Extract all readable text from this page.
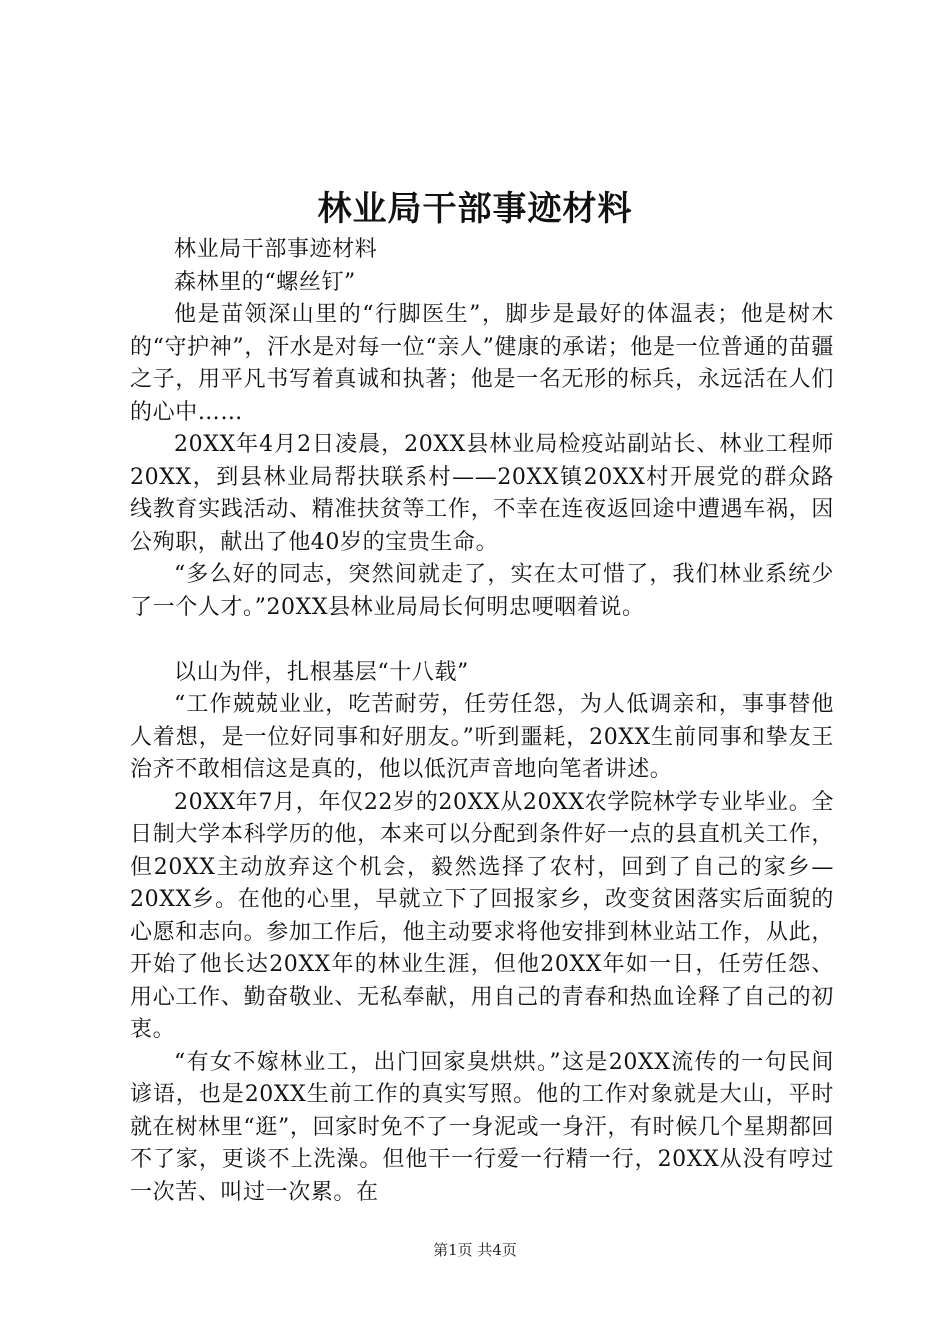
林业局干部事迹材料

林业局干部事迹材料

森林里的“螺丝钉”

他是苗领深山里的“行脚医生”，脚步是最好的体温表；他是树木的“守护神”，汗水是对每一位“亲人”健康的承诺；他是一位普通的苗疆之子，用平凡书写着真诚和执著；他是一名无形的标兵，永远活在人们的心中……

20XX年4月2日凌晨，20XX县林业局检疫站副站长、林业工程师20XX，到县林业局帮扶联系村——20XX镇20XX村开展党的群众路线教育实践活动、精准扶贫等工作，不幸在连夜返回途中遭遇车祸，因公殉职，献出了他40岁的宝贵生命。

“多么好的同志，突然间就走了，实在太可惜了，我们林业系统少了一个人才。”20XX县林业局局长何明忠哽咽着说。

以山为伴，扎根基层“十八载”

“工作兢兢业业，吃苦耐劳，任劳任怨，为人低调亲和，事事替他人着想，是一位好同事和好朋友。”听到噩耗，20XX生前同事和挚友王治齐不敢相信这是真的，他以低沉声音地向笔者讲述。

20XX年7月，年仅22岁的20XX从20XX农学院林学专业毕业。全日制大学本科学历的他，本来可以分配到条件好一点的县直机关工作，但20XX主动放弃这个机会，毅然选择了农村，回到了自己的家乡—20XX乡。在他的心里，早就立下了回报家乡，改变贫困落实后面貌的心愿和志向。参加工作后，他主动要求将他安排到林业站工作，从此，开始了他长达20XX年的林业生涯，但他20XX年如一日，任劳任怨、用心工作、勤奋敬业、无私奉献，用自己的青春和热血诠释了自己的初衷。

“有女不嫁林业工，出门回家臭烘烘。”这是20XX流传的一句民间谚语，也是20XX生前工作的真实写照。他的工作对象就是大山，平时就在树林里“逛”，回家时免不了一身泥或一身汗，有时候几个星期都回不了家，更谈不上洗澡。但他干一行爱一行精一行，20XX从没有哼过一次苦、叫过一次累。在

第1页 共4页
